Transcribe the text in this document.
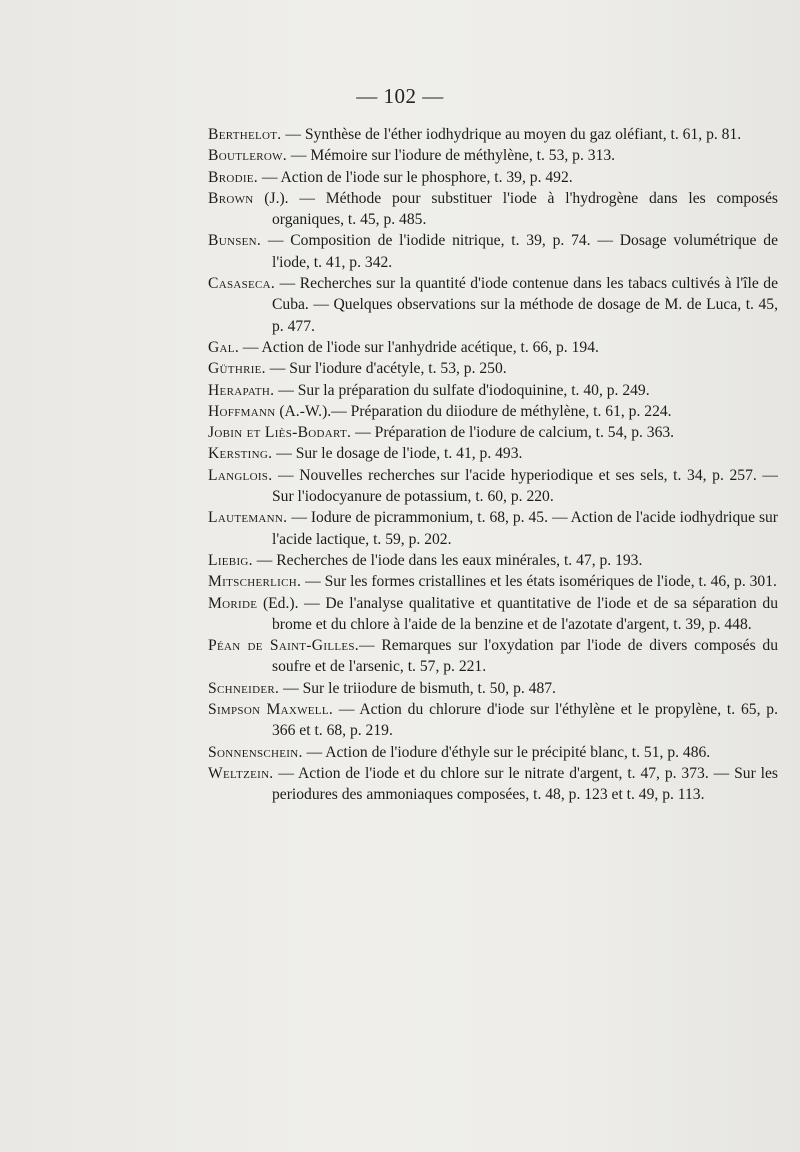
— 102 —

Berthelot. — Synthèse de l'éther iodhydrique au moyen du gaz oléfiant, t. 61, p. 81.

Boutlerow. — Mémoire sur l'iodure de méthylène, t. 53, p. 313.

Brodie. — Action de l'iode sur le phosphore, t. 39, p. 492.

Brown (J.). — Méthode pour substituer l'iode à l'hydrogène dans les composés organiques, t. 45, p. 485.

Bunsen. — Composition de l'iodide nitrique, t. 39, p. 74. — Dosage volumétrique de l'iode, t. 41, p. 342.

Casaseca. — Recherches sur la quantité d'iode contenue dans les tabacs cultivés à l'île de Cuba. — Quelques observations sur la méthode de dosage de M. de Luca, t. 45, p. 477.

Gal. — Action de l'iode sur l'anhydride acétique, t. 66, p. 194.

Güthrie. — Sur l'iodure d'acétyle, t. 53, p. 250.

Herapath. — Sur la préparation du sulfate d'iodoquinine, t. 40, p. 249.

Hoffmann (A.-W.).— Préparation du diiodure de méthylène, t. 61, p. 224.

Jobin et Liès-Bodart. — Préparation de l'iodure de calcium, t. 54, p. 363.

Kersting. — Sur le dosage de l'iode, t. 41, p. 493.

Langlois. — Nouvelles recherches sur l'acide hyperiodique et ses sels, t. 34, p. 257. — Sur l'iodocyanure de potassium, t. 60, p. 220.

Lautemann. — Iodure de picrammonium, t. 68, p. 45. — Action de l'acide iodhydrique sur l'acide lactique, t. 59, p. 202.

Liebig. — Recherches de l'iode dans les eaux minérales, t. 47, p. 193.

Mitscherlich. — Sur les formes cristallines et les états isomériques de l'iode, t. 46, p. 301.

Moride (Ed.). — De l'analyse qualitative et quantitative de l'iode et de sa séparation du brome et du chlore à l'aide de la benzine et de l'azotate d'argent, t. 39, p. 448.

Péan de Saint-Gilles.— Remarques sur l'oxydation par l'iode de divers composés du soufre et de l'arsenic, t. 57, p. 221.

Schneider. — Sur le triiodure de bismuth, t. 50, p. 487.

Simpson Maxwell. — Action du chlorure d'iode sur l'éthylène et le propylène, t. 65, p. 366 et t. 68, p. 219.

Sonnenschein. — Action de l'iodure d'éthyle sur le précipité blanc, t. 51, p. 486.

Weltzein. — Action de l'iode et du chlore sur le nitrate d'argent, t. 47, p. 373. — Sur les periodures des ammoniaques composées, t. 48, p. 123 et t. 49, p. 113.
